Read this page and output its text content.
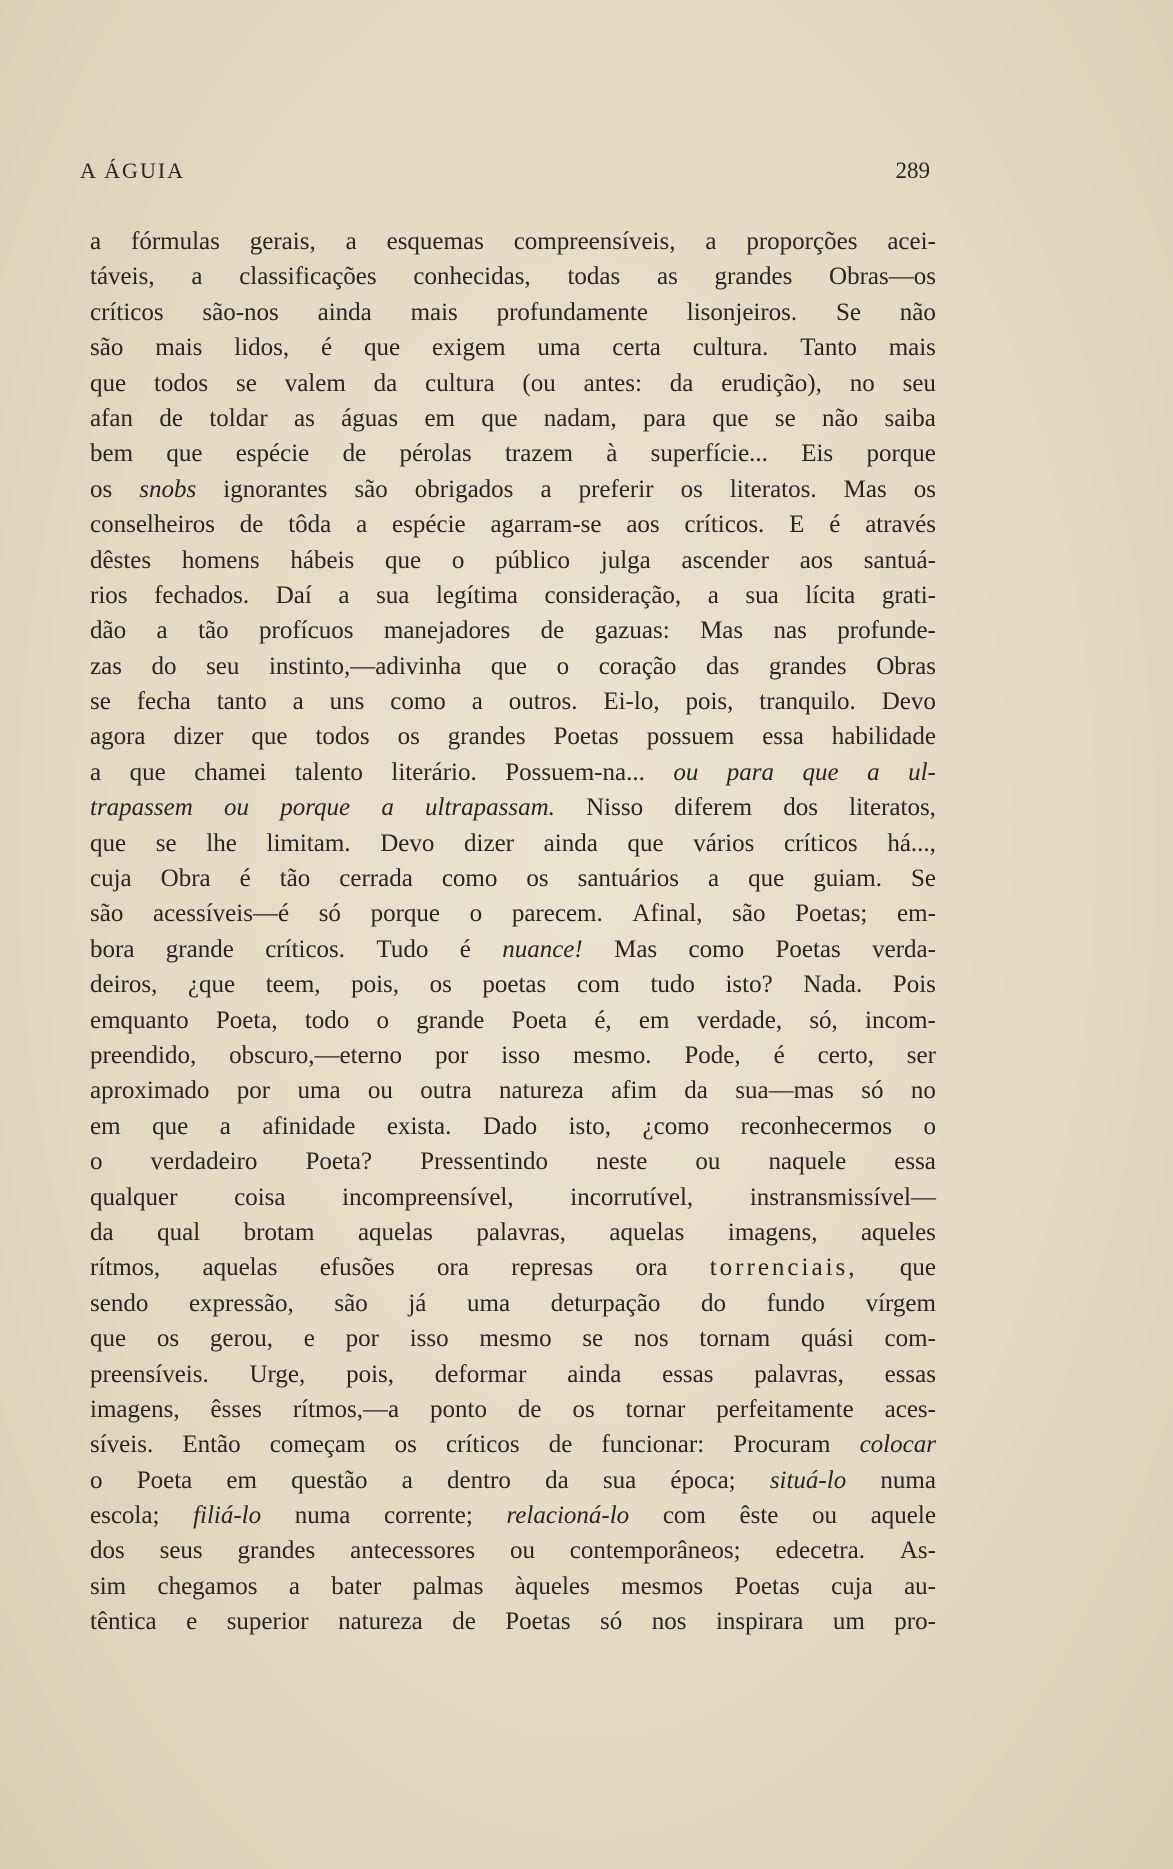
A ÁGUIA	289
a fórmulas gerais, a esquemas compreensíveis, a proporções acei-
táveis, a classificações conhecidas, todas as grandes Obras—os
críticos são-nos ainda mais profundamente lisonjeiros. Se não
são mais lidos, é que exigem uma certa cultura. Tanto mais
que todos se valem da cultura (ou antes: da erudição), no seu
afan de toldar as águas em que nadam, para que se não saiba
bem que espécie de pérolas trazem à superfície... Eis porque
os snobs ignorantes são obrigados a preferir os literatos. Mas os
conselheiros de tôda a espécie agarram-se aos críticos. E é através
dêstes homens hábeis que o público julga ascender aos santuá-
rios fechados. Daí a sua legítima consideração, a sua lícita grati-
dão a tão profícuos manejadores de gazuas: Mas nas profunde-
zas do seu instinto,—adivinha que o coração das grandes Obras
se fecha tanto a uns como a outros. Ei-lo, pois, tranquilo. Devo
agora dizer que todos os grandes Poetas possuem essa habilidade
a que chamei talento literário. Possuem-na... ou para que a ul-
trapassem ou porque a ultrapassam. Nisso diferem dos literatos,
que se lhe limitam. Devo dizer ainda que vários críticos há...,
cuja Obra é tão cerrada como os santuários a que guiam. Se
são acessíveis—é só porque o parecem. Afinal, são Poetas; em-
bora grande críticos. Tudo é nuance! Mas como Poetas verda-
deiros, ¿que teem, pois, os poetas com tudo isto? Nada. Pois
emquanto Poeta, todo o grande Poeta é, em verdade, só, incom-
preendido, obscuro,—eterno por isso mesmo. Pode, é certo, ser
aproximado por uma ou outra natureza afim da sua—mas só no
em que a afinidade exista. Dado isto, ¿como reconhecermos o
o verdadeiro Poeta? Pressentindo neste ou naquele essa
qualquer coisa incompreensível, incorrutível, instransmissível—
da qual brotam aquelas palavras, aquelas imagens, aqueles
rítmos, aquelas efusões ora represas ora torrenciais, que
sendo expressão, são já uma deturpação do fundo vírgem
que os gerou, e por isso mesmo se nos tornam quási com-
preensíveis. Urge, pois, deformar ainda essas palavras, essas
imagens, êsses rítmos,—a ponto de os tornar perfeitamente aces-
síveis. Então começam os críticos de funcionar: Procuram colocar
o Poeta em questão a dentro da sua época; situá-lo numa
escola; filiá-lo numa corrente; relacioná-lo com êste ou aquele
dos seus grandes antecessores ou contemporâneos; edecetra. As-
sim chegamos a bater palmas àqueles mesmos Poetas cuja au-
têntica e superior natureza de Poetas só nos inspirara um pro-
